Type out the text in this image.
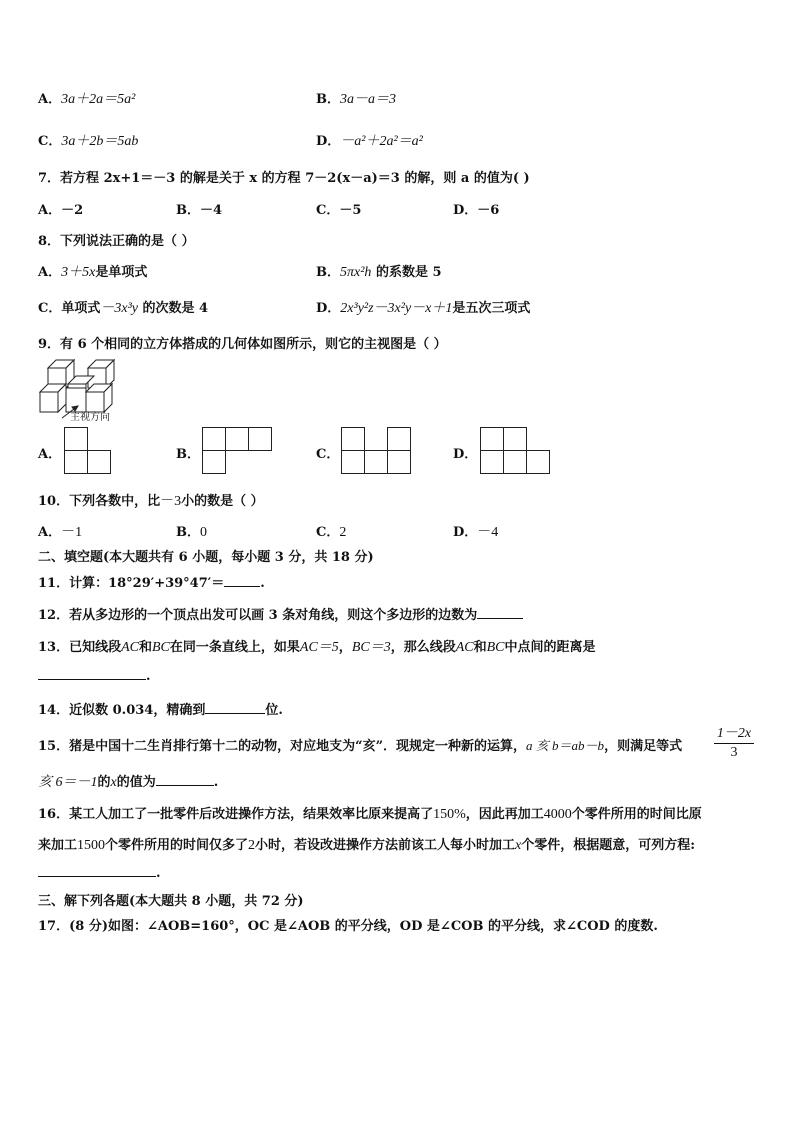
A．3a＋2a＝5a²	B．3a－a＝3
C．3a＋2b＝5ab	D．－a²＋2a²＝a²
7．若方程 2x+1＝－3 的解是关于 x 的方程 7－2(x－a)＝3 的解，则 a 的值为( )
A．－2	B．－4	C．－5	D．－6
8．下列说法正确的是（ ）
A．3＋5x是单项式	B．5πx²h 的系数是 5
C．单项式－3x³y 的次数是 4	D．2x³y²z－3x²y－x＋1是五次三项式
9．有 6 个相同的立方体搭成的几何体如图所示，则它的主视图是（ ）
主视方向
A．	B．	C．	D．
10．下列各数中，比－3小的数是（ ）
A．－1	B．0	C．2	D．－4
二、填空题(本大题共有 6 小题，每小题 3 分，共 18 分)
11．计算：18°29′+39°47′＝	.
12．若从多边形的一个顶点出发可以画 3 条对角线，则这个多边形的边数为
13．已知线段AC和BC在同一条直线上，如果AC＝5，BC＝3，那么线段AC和BC中点间的距离是
.
14．近似数 0.034，精确到	位.
15．猪是中国十二生肖排行第十二的动物，对应地支为“亥”．现规定一种新的运算，a 亥 b＝ab－b，则满足等式
1－2x
3
亥 6＝－1的x的值为	.
16．某工人加工了一批零件后改进操作方法，结果效率比原来提高了150%，因此再加工4000个零件所用的时间比原
来加工1500个零件所用的时间仅多了2小时，若设改进操作方法前该工人每小时加工x个零件，根据题意，可列方程:
.
三、解下列各题(本大题共 8 小题，共 72 分)
17．(8 分)如图：∠AOB=160°，OC 是∠AOB 的平分线，OD 是∠COB 的平分线，求∠COD 的度数.
